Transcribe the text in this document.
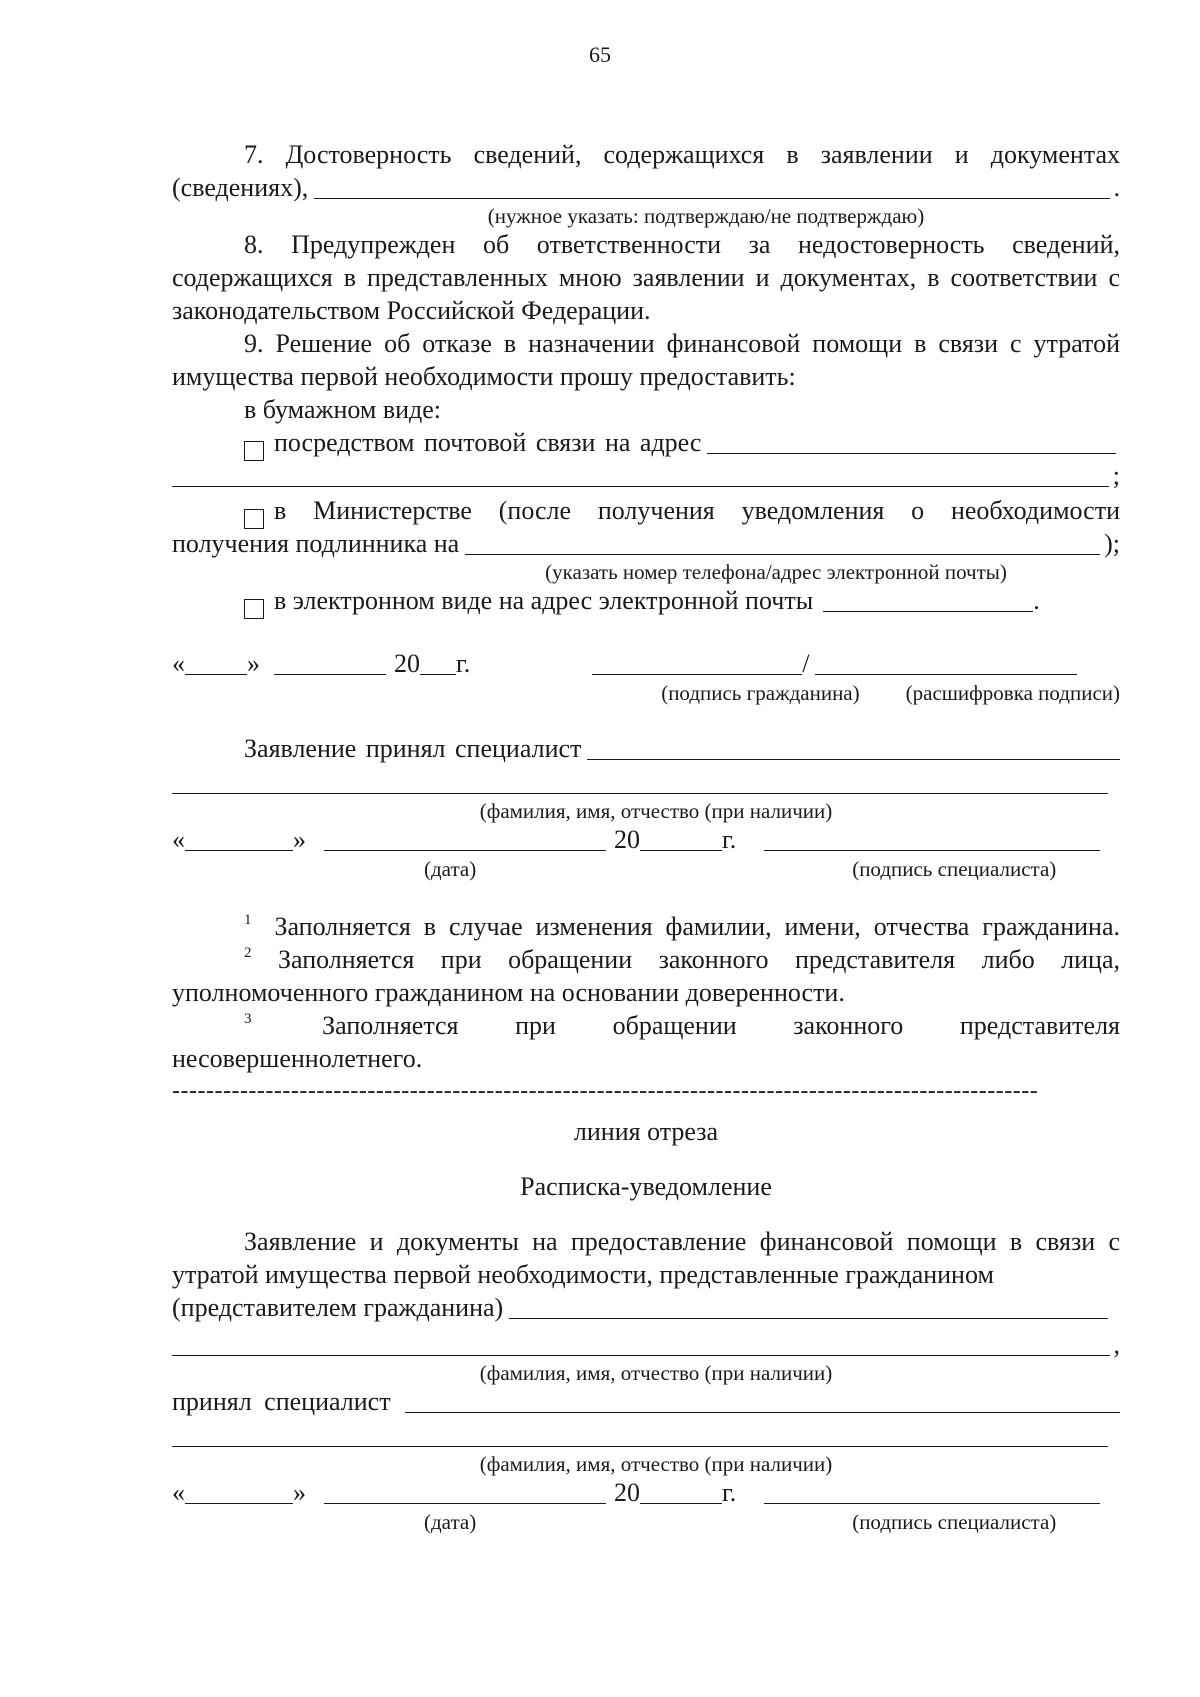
65
7. Достоверность сведений, содержащихся в заявлении и документах
(сведениях),	.
(нужное указать: подтверждаю/не подтверждаю)
8. Предупрежден об ответственности за недостоверность сведений, содержащихся в представленных мною заявлении и документах, в соответствии с законодательством Российской Федерации.
9. Решение об отказе в назначении финансовой помощи в связи с утратой имущества первой необходимости прошу предоставить:
в бумажном виде:
посредством почтовой связи на адрес
;
в Министерстве (после получения уведомления о необходимости
получения подлинника на	);
(указать номер телефона/адрес электронной почты)
в электронном виде на адрес электронной почты	.
« »	20 г.	/
(подпись гражданина) (расшифровка подписи)
Заявление принял специалист
(фамилия, имя, отчество (при наличии)
«	»	20	г.
(дата)	(подпись специалиста)
$^1$ Заполняется в случае изменения фамилии, имени, отчества гражданина.
$^2$ Заполняется при обращении законного представителя либо лица, уполномоченного гражданином на основании доверенности.
$^3$	Заполняется при обращении законного представителя несовершеннолетнего.
------------------------------------------------------------------------------------------------------
линия отреза
Расписка-уведомление
Заявление и документы на предоставление финансовой помощи в связи с утратой имущества первой необходимости, представленные гражданином
(представителем гражданина)
,
(фамилия, имя, отчество (при наличии)
принял специалист
(фамилия, имя, отчество (при наличии)
«	»	20	г.
(дата)	(подпись специалиста)
